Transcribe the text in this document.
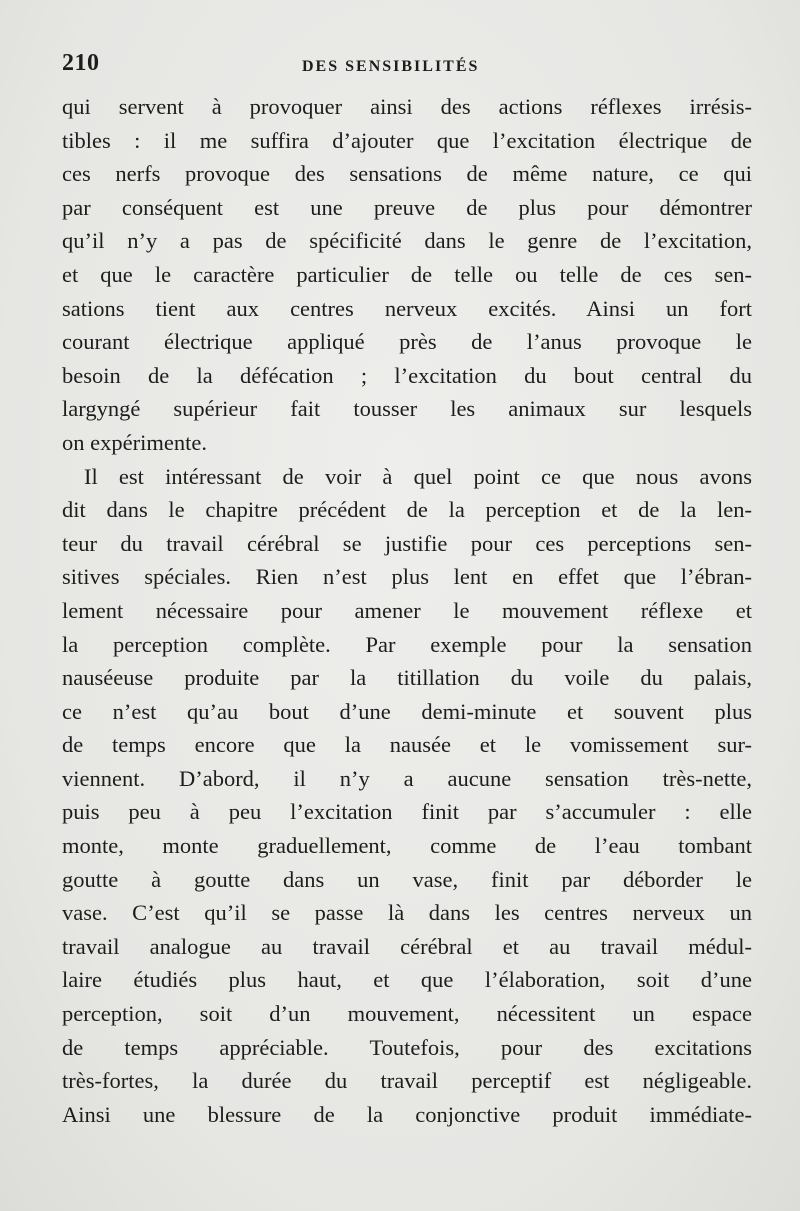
210	DES SENSIBILITÉS
qui servent à provoquer ainsi des actions réflexes irrésis-
tibles : il me suffira d’ajouter que l’excitation électrique de
ces nerfs provoque des sensations de même nature, ce qui
par conséquent est une preuve de plus pour démontrer
qu’il n’y a pas de spécificité dans le genre de l’excitation,
et que le caractère particulier de telle ou telle de ces sen-
sations tient aux centres nerveux excités. Ainsi un fort
courant électrique appliqué près de l’anus provoque le
besoin de la défécation ; l’excitation du bout central du
largyngé supérieur fait tousser les animaux sur lesquels
on expérimente.
Il est intéressant de voir à quel point ce que nous avons
dit dans le chapitre précédent de la perception et de la len-
teur du travail cérébral se justifie pour ces perceptions sen-
sitives spéciales. Rien n’est plus lent en effet que l’ébran-
lement nécessaire pour amener le mouvement réflexe et
la perception complète. Par exemple pour la sensation
nauséeuse produite par la titillation du voile du palais,
ce n’est qu’au bout d’une demi-minute et souvent plus
de temps encore que la nausée et le vomissement sur-
viennent. D’abord, il n’y a aucune sensation très-nette,
puis peu à peu l’excitation finit par s’accumuler : elle
monte, monte graduellement, comme de l’eau tombant
goutte à goutte dans un vase, finit par déborder le
vase. C’est qu’il se passe là dans les centres nerveux un
travail analogue au travail cérébral et au travail médul-
laire étudiés plus haut, et que l’élaboration, soit d’une
perception, soit d’un mouvement, nécessitent un espace
de temps appréciable. Toutefois, pour des excitations
très-fortes, la durée du travail perceptif est négligeable.
Ainsi une blessure de la conjonctive produit immédiate-
